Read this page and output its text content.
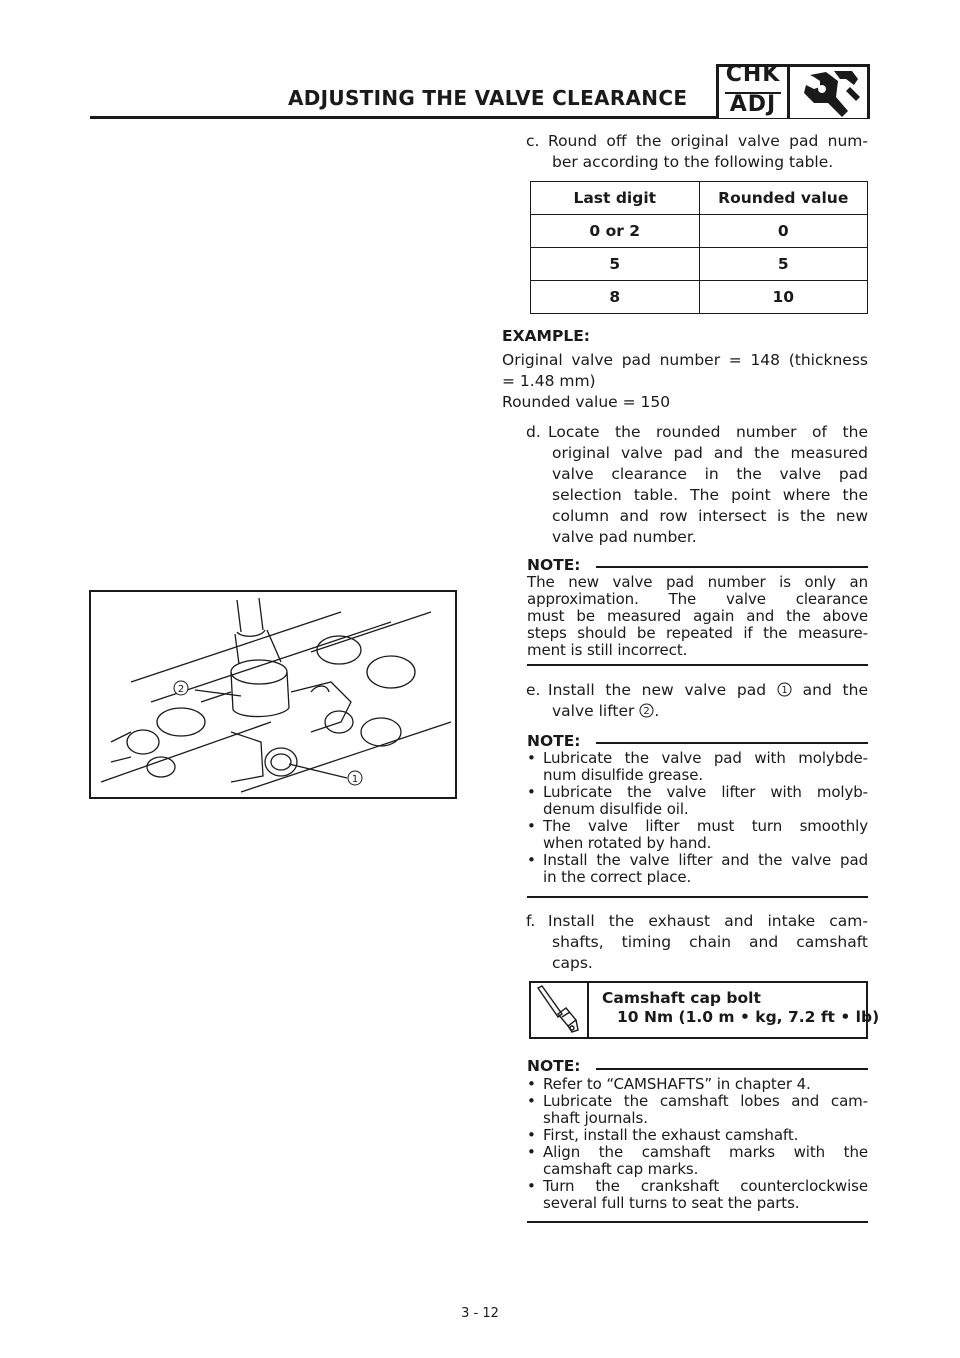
ADJUSTING THE VALVE CLEARANCE
CHK
ADJ
c. Round off the original valve pad num-
ber according to the following table.
Last digit	Rounded value
0 or 2	0
5	5
8	10
EXAMPLE:
Original valve pad number = 148 (thickness
= 1.48 mm)
Rounded value = 150
d. Locate the rounded number of the
original valve pad and the measured
valve clearance in the valve pad
selection table. The point where the
column and row intersect is the new
valve pad number.
NOTE:
The new valve pad number is only an
approximation. The valve clearance
must be measured again and the above
steps should be repeated if the measure-
ment is still incorrect.
e. Install the new valve pad 1 and the
valve lifter 2 .
NOTE:
• Lubricate the valve pad with molybde-
num disulfide grease.
• Lubricate the valve lifter with molyb-
denum disulfide oil.
• The valve lifter must turn smoothly
when rotated by hand.
• Install the valve lifter and the valve pad
in the correct place.
f. Install the exhaust and intake cam-
shafts, timing chain and camshaft
caps.
Camshaft cap bolt
10 Nm (1.0 m • kg, 7.2 ft • lb)
NOTE:
• Refer to “CAMSHAFTS” in chapter 4.
• Lubricate the camshaft lobes and cam-
shaft journals.
• First, install the exhaust camshaft.
• Align the camshaft marks with the
camshaft cap marks.
• Turn the crankshaft counterclockwise
several full turns to seat the parts.
2
1
3 - 12
